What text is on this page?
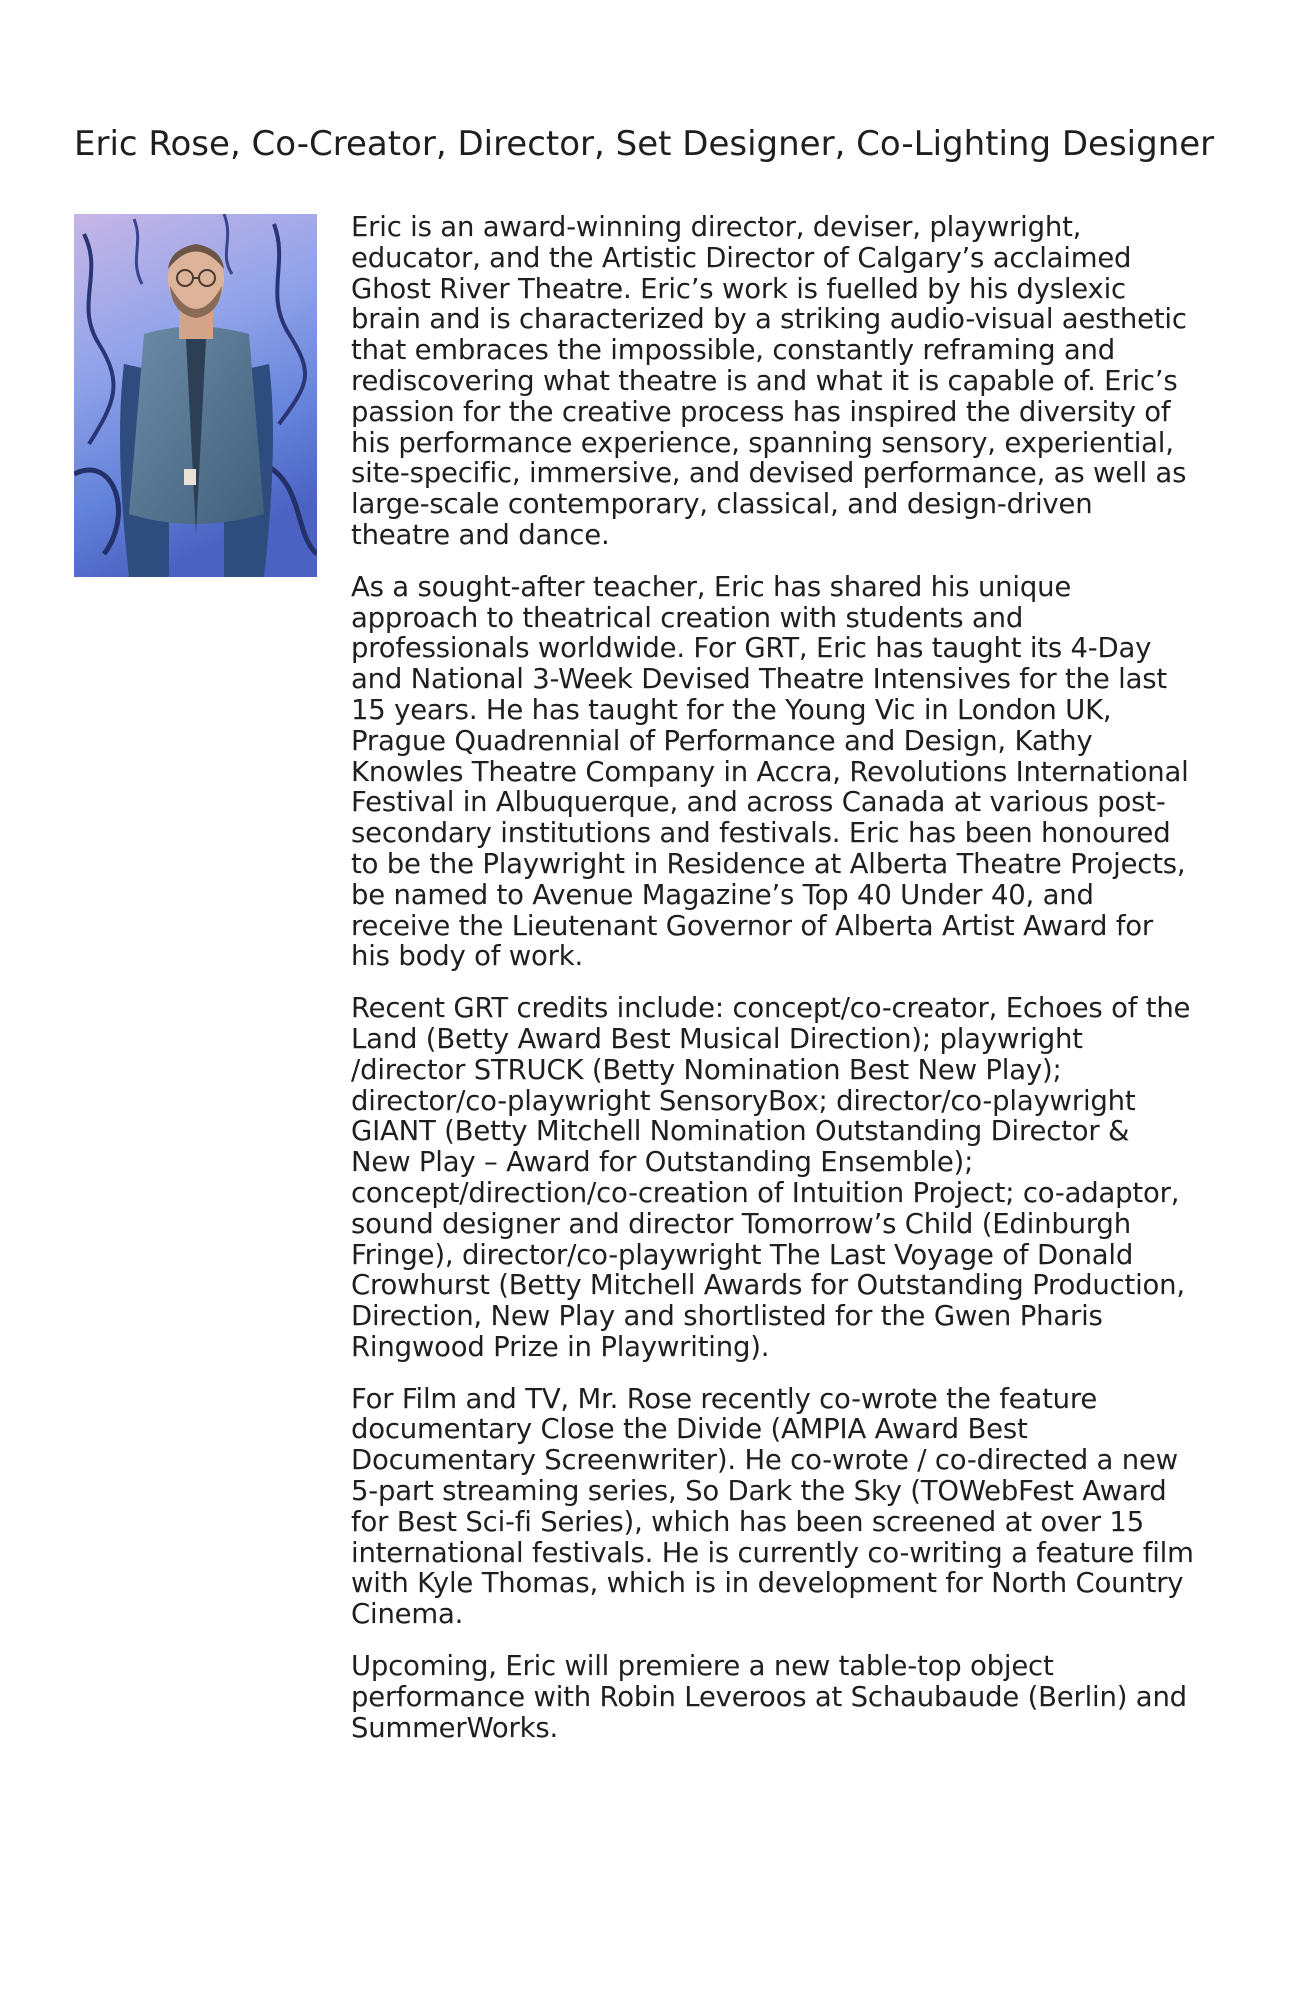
Eric Rose, Co-Creator, Director, Set Designer, Co-Lighting Designer

Eric is an award-winning director, deviser, playwright, educator, and the Artistic Director of Calgary’s acclaimed Ghost River Theatre. Eric’s work is fuelled by his dyslexic brain and is characterized by a striking audio-visual aesthetic that embraces the impossible, constantly reframing and rediscovering what theatre is and what it is capable of. Eric’s passion for the creative process has inspired the diversity of his performance experience, spanning sensory, experiential, site-specific, immersive, and devised performance, as well as large-scale contemporary, classical, and design-driven theatre and dance.

As a sought-after teacher, Eric has shared his unique approach to theatrical creation with students and professionals worldwide. For GRT, Eric has taught its 4-Day and National 3-Week Devised Theatre Intensives for the last 15 years. He has taught for the Young Vic in London UK, Prague Quadrennial of Performance and Design, Kathy Knowles Theatre Company in Accra, Revolutions International Festival in Albuquerque, and across Canada at various post-secondary institutions and festivals. Eric has been honoured to be the Playwright in Residence at Alberta Theatre Projects, be named to Avenue Magazine’s Top 40 Under 40, and receive the Lieutenant Governor of Alberta Artist Award for his body of work.

Recent GRT credits include: concept/co-creator, Echoes of the Land (Betty Award Best Musical Direction); playwright /director STRUCK (Betty Nomination Best New Play); director/co-playwright SensoryBox; director/co-playwright GIANT (Betty Mitchell Nomination Outstanding Director & New Play – Award for Outstanding Ensemble); concept/direction/co-creation of Intuition Project; co-adaptor, sound designer and director Tomorrow’s Child (Edinburgh Fringe), director/co-playwright The Last Voyage of Donald Crowhurst (Betty Mitchell Awards for Outstanding Production, Direction, New Play and shortlisted for the Gwen Pharis Ringwood Prize in Playwriting).

For Film and TV, Mr. Rose recently co-wrote the feature documentary Close the Divide (AMPIA Award Best Documentary Screenwriter). He co-wrote / co-directed a new 5-part streaming series, So Dark the Sky (TOWebFest Award for Best Sci-fi Series), which has been screened at over 15 international festivals. He is currently co-writing a feature film with Kyle Thomas, which is in development for North Country Cinema.

Upcoming, Eric will premiere a new table-top object performance with Robin Leveroos at Schaubaude (Berlin) and SummerWorks.
